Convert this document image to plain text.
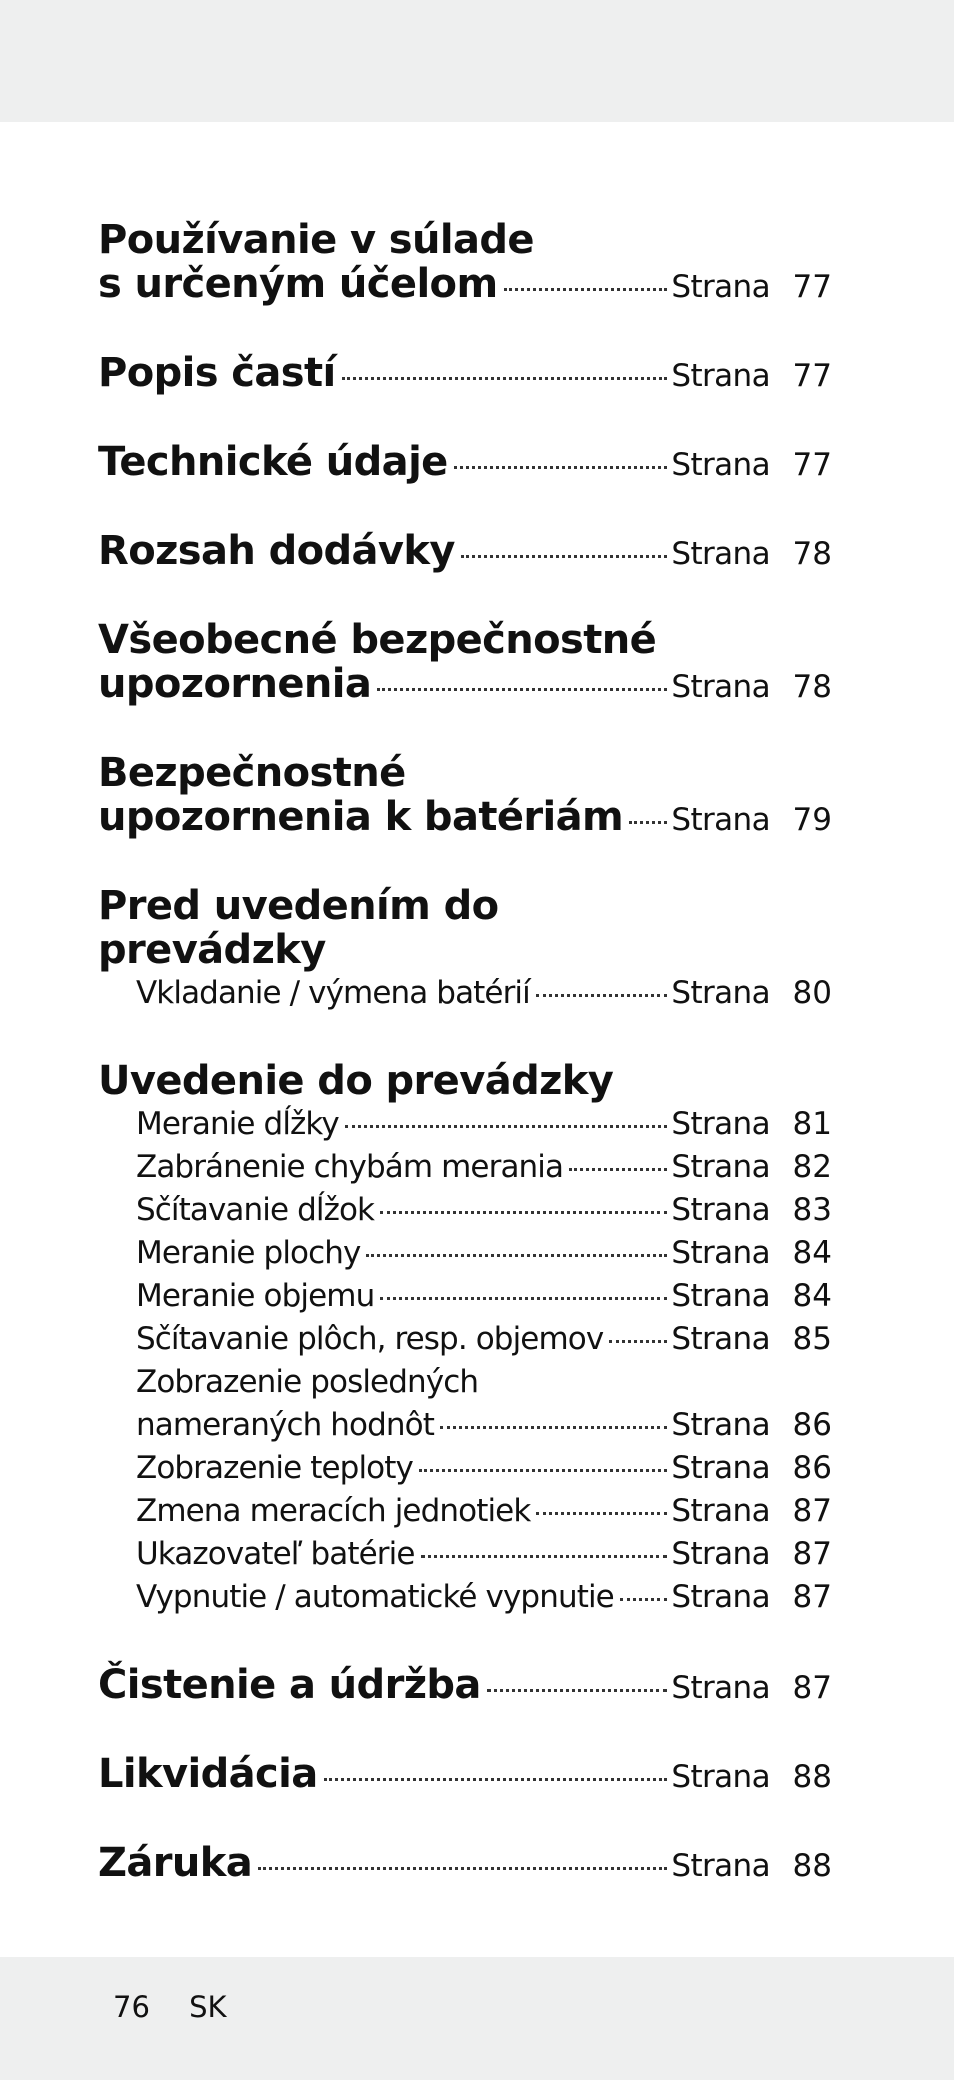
Používanie v súlade
s určeným účelom	Strana 77
Popis častí	Strana 77
Technické údaje	Strana 77
Rozsah dodávky	Strana 78
Všeobecné bezpečnostné
upozornenia	Strana 78
Bezpečnostné
upozornenia k batériám Strana 79
Pred uvedením do
prevádzky
Vkladanie / výmena batérií	Strana 80
Uvedenie do prevádzky
Meranie dĺžky	Strana 81
Zabránenie chybám merania	Strana 82
Sčítavanie dĺžok	Strana 83
Meranie plochy	Strana 84
Meranie objemu	Strana 84
Sčítavanie plôch, resp. objemov Strana 85
Zobrazenie posledných
nameraných hodnôt	Strana 86
Zobrazenie teploty	Strana 86
Zmena meracích jednotiek	Strana 87
Ukazovateľ batérie	Strana 87
Vypnutie / automatické vypnutie Strana 87
Čistenie a údržba	Strana 87
Likvidácia	Strana 88
Záruka	Strana 88
76 SK
